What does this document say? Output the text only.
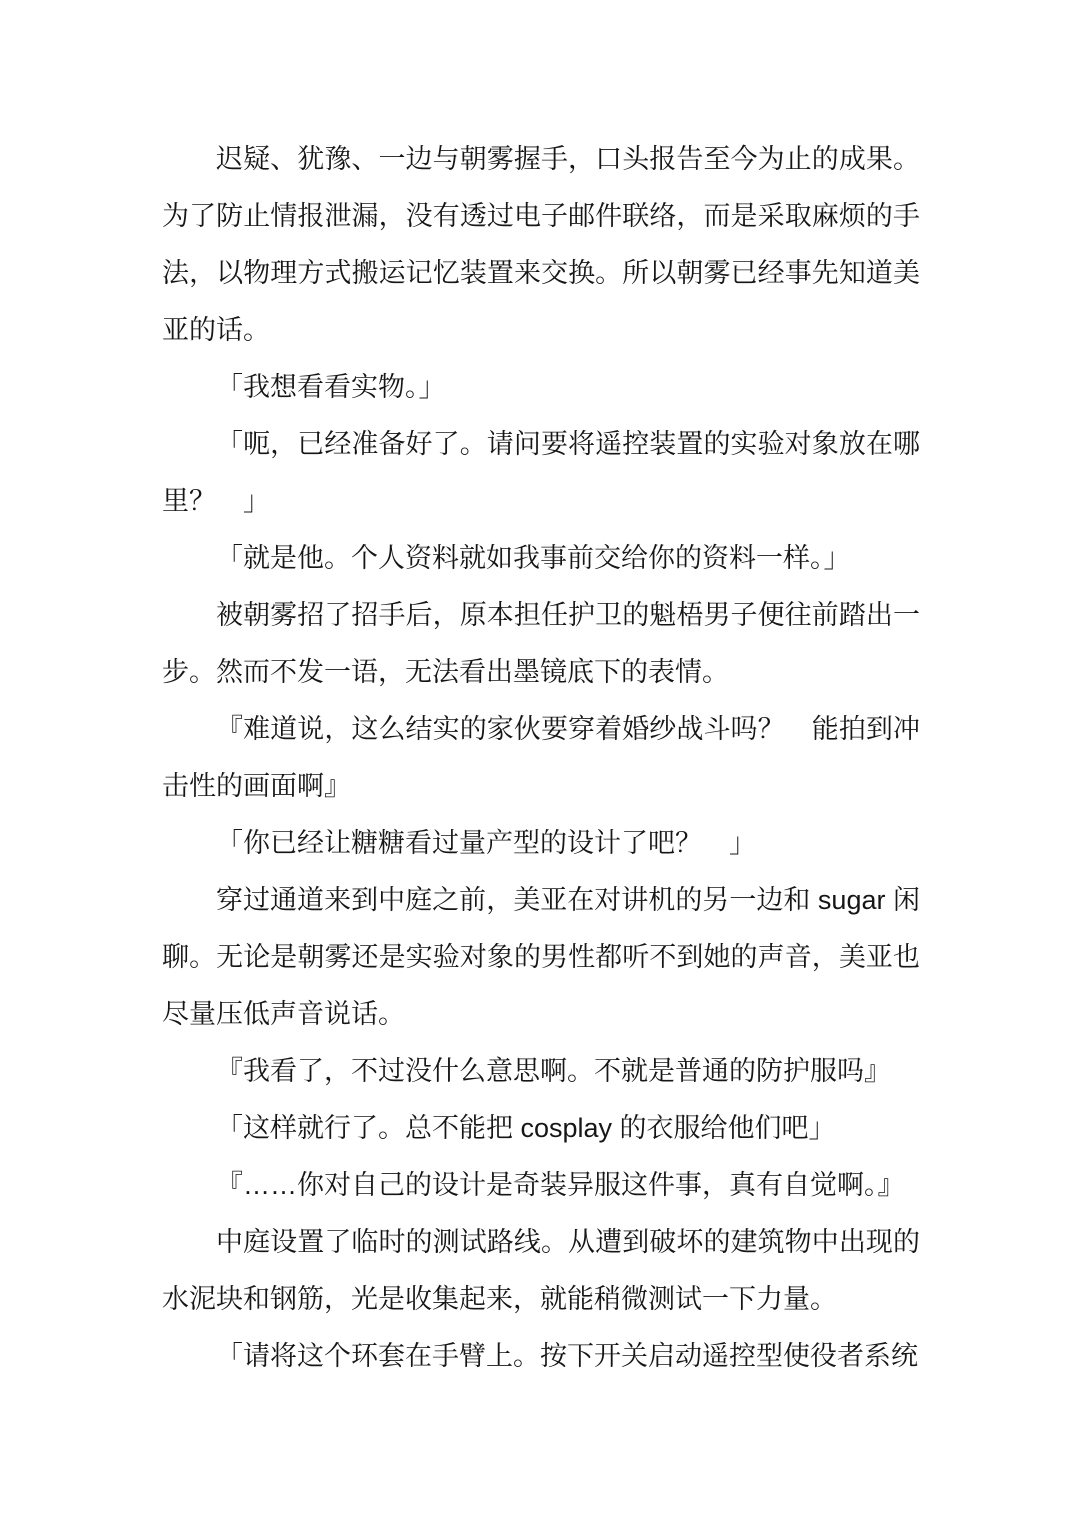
迟疑、犹豫、一边与朝雾握手，口头报告至今为止的成果。为了防止情报泄漏，没有透过电子邮件联络，而是采取麻烦的手法，以物理方式搬运记忆装置来交换。所以朝雾已经事先知道美亚的话。

「我想看看实物。」

「呃，已经准备好了。请问要将遥控装置的实验对象放在哪里？　」

「就是他。个人资料就如我事前交给你的资料一样。」

被朝雾招了招手后，原本担任护卫的魁梧男子便往前踏出一步。然而不发一语，无法看出墨镜底下的表情。

『难道说，这么结实的家伙要穿着婚纱战斗吗？　能拍到冲击性的画面啊』

「你已经让糖糖看过量产型的设计了吧？　」

穿过通道来到中庭之前，美亚在对讲机的另一边和 sugar 闲聊。无论是朝雾还是实验对象的男性都听不到她的声音，美亚也尽量压低声音说话。

『我看了，不过没什么意思啊。不就是普通的防护服吗』

「这样就行了。总不能把 cosplay 的衣服给他们吧」

『……你对自己的设计是奇装异服这件事，真有自觉啊。』

中庭设置了临时的测试路线。从遭到破坏的建筑物中出现的水泥块和钢筋，光是收集起来，就能稍微测试一下力量。

「请将这个环套在手臂上。按下开关启动遥控型使役者系统
